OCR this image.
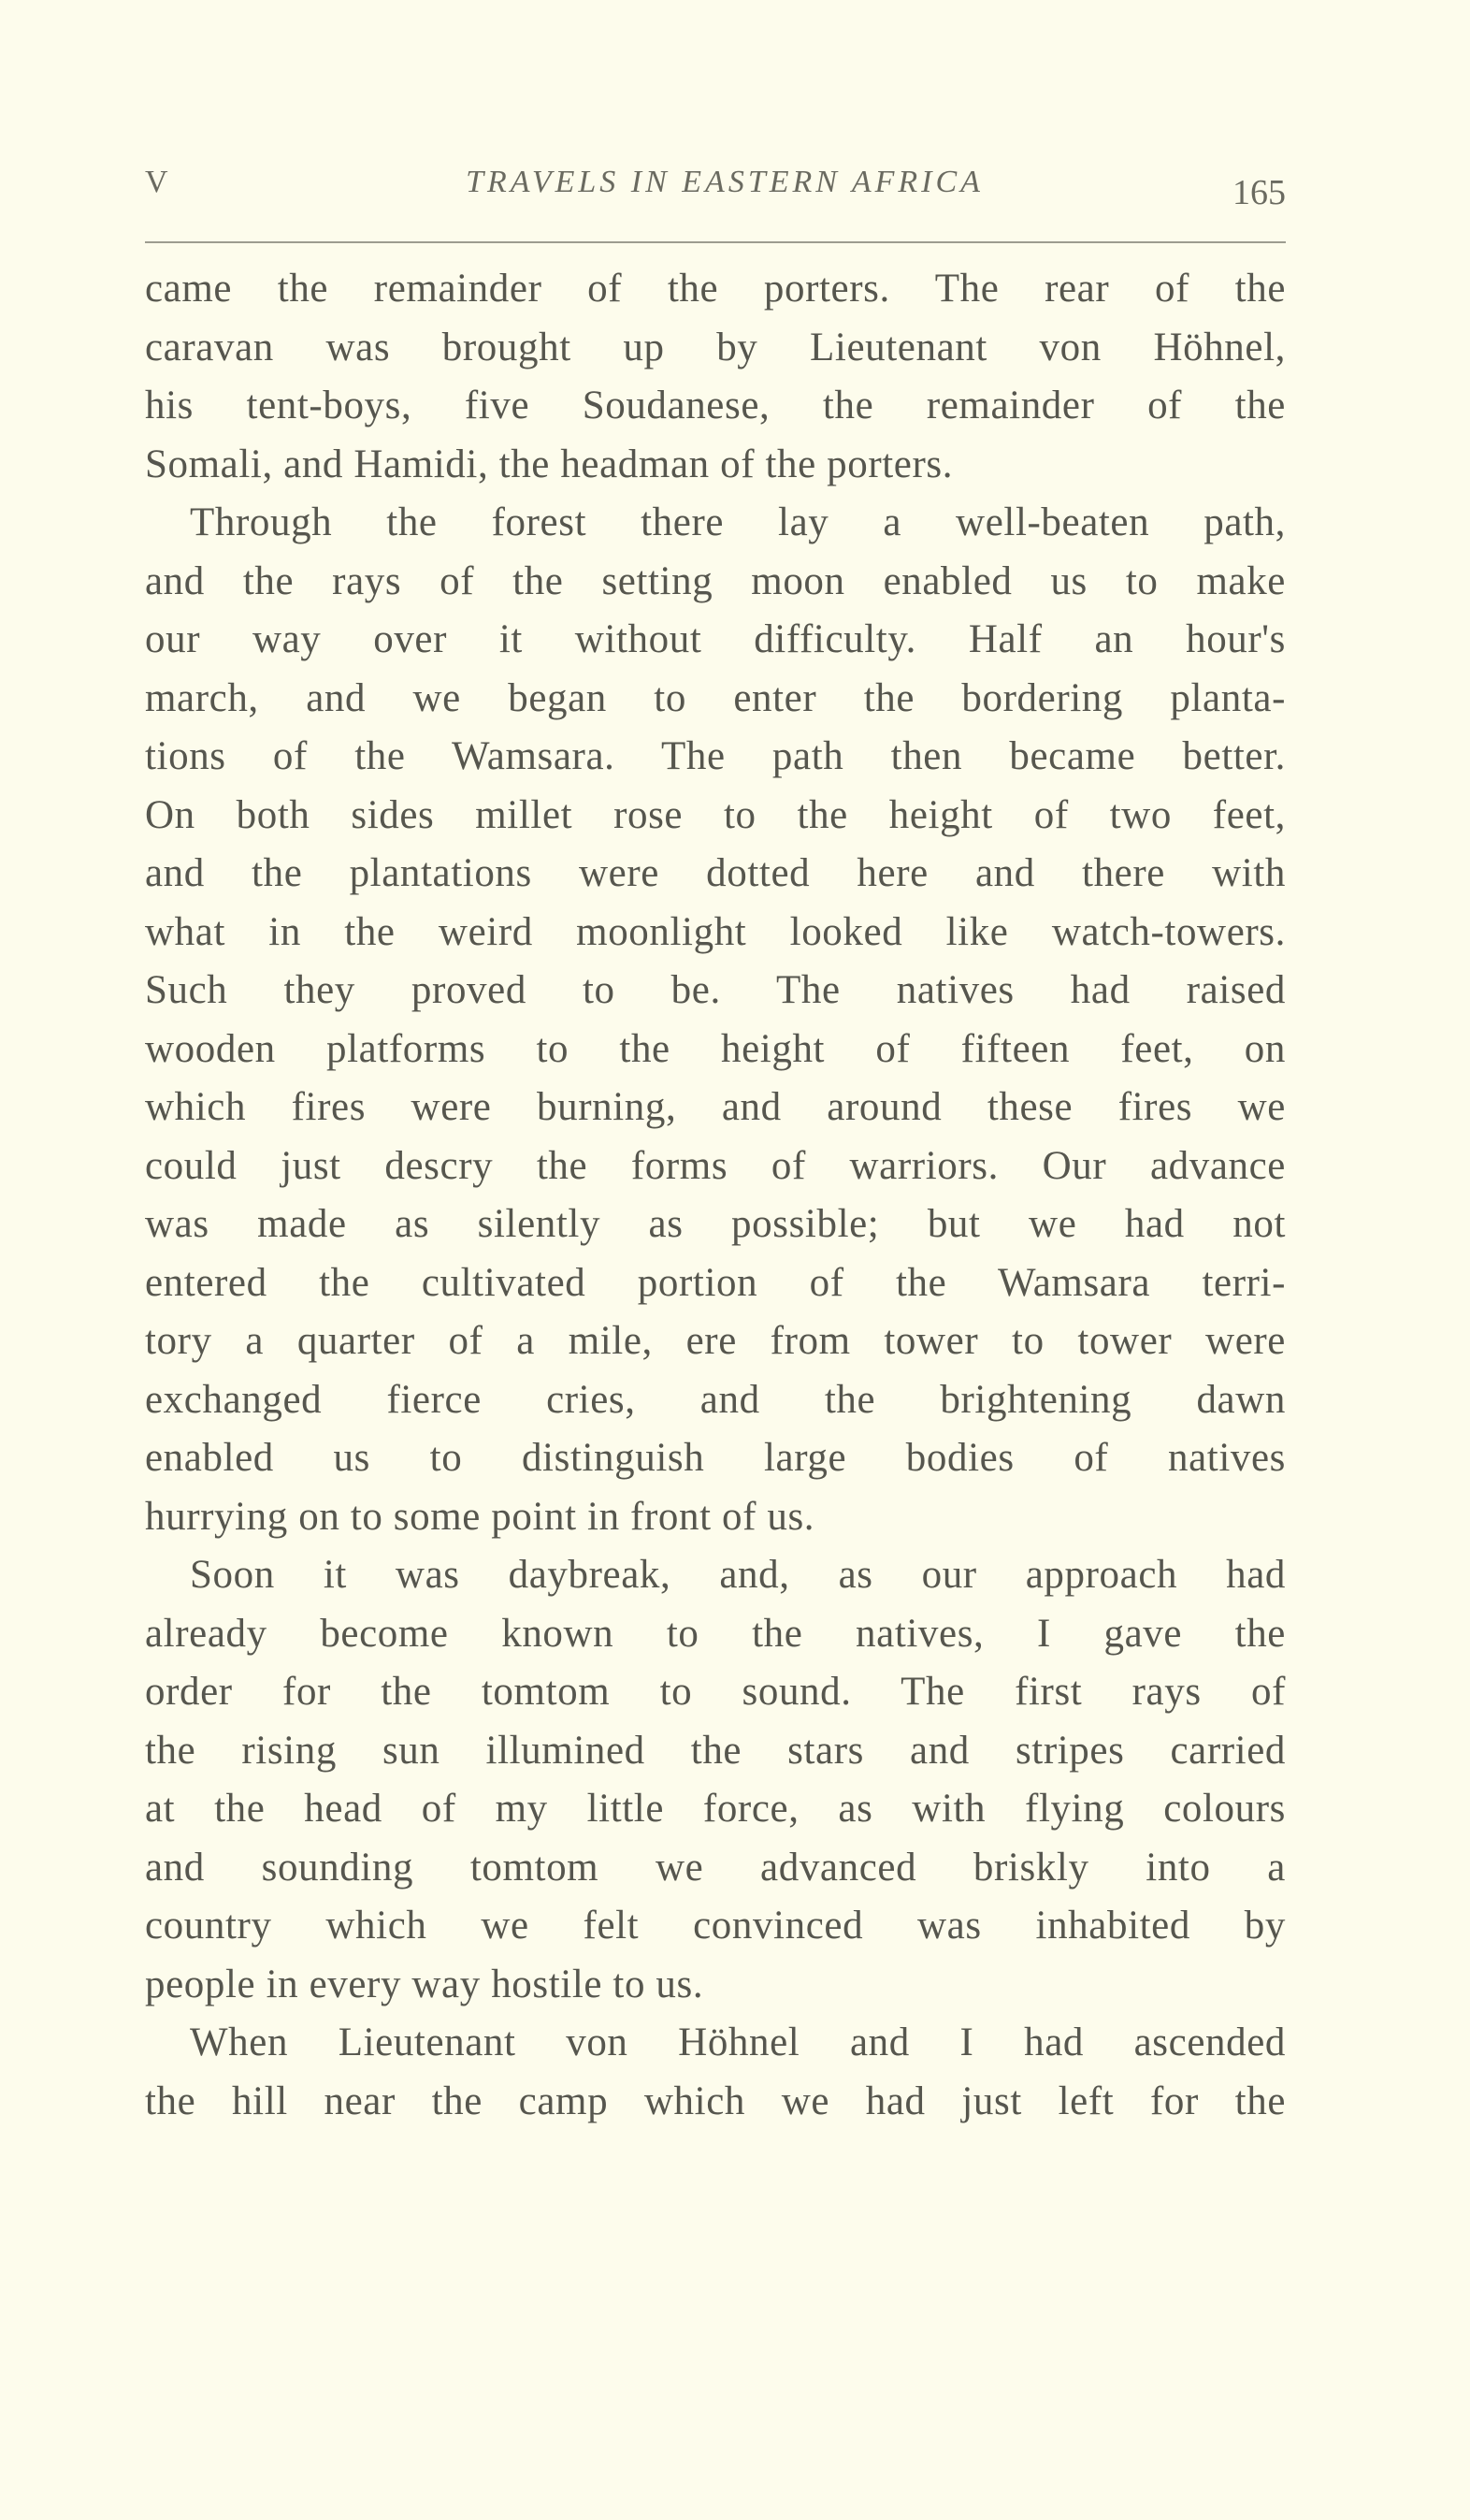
V	TRAVELS IN EASTERN AFRICA	165
came the remainder of the porters. The rear of the
caravan was brought up by Lieutenant von Höhnel,
his tent-boys, five Soudanese, the remainder of the
Somali, and Hamidi, the headman of the porters.
Through the forest there lay a well-beaten path,
and the rays of the setting moon enabled us to make
our way over it without difficulty. Half an hour's
march, and we began to enter the bordering planta-
tions of the Wamsara. The path then became better.
On both sides millet rose to the height of two feet,
and the plantations were dotted here and there with
what in the weird moonlight looked like watch-towers.
Such they proved to be. The natives had raised
wooden platforms to the height of fifteen feet, on
which fires were burning, and around these fires we
could just descry the forms of warriors. Our advance
was made as silently as possible; but we had not
entered the cultivated portion of the Wamsara terri-
tory a quarter of a mile, ere from tower to tower were
exchanged fierce cries, and the brightening dawn
enabled us to distinguish large bodies of natives
hurrying on to some point in front of us.
Soon it was daybreak, and, as our approach had
already become known to the natives, I gave the
order for the tomtom to sound. The first rays of
the rising sun illumined the stars and stripes carried
at the head of my little force, as with flying colours
and sounding tomtom we advanced briskly into a
country which we felt convinced was inhabited by
people in every way hostile to us.
When Lieutenant von Höhnel and I had ascended
the hill near the camp which we had just left for the
